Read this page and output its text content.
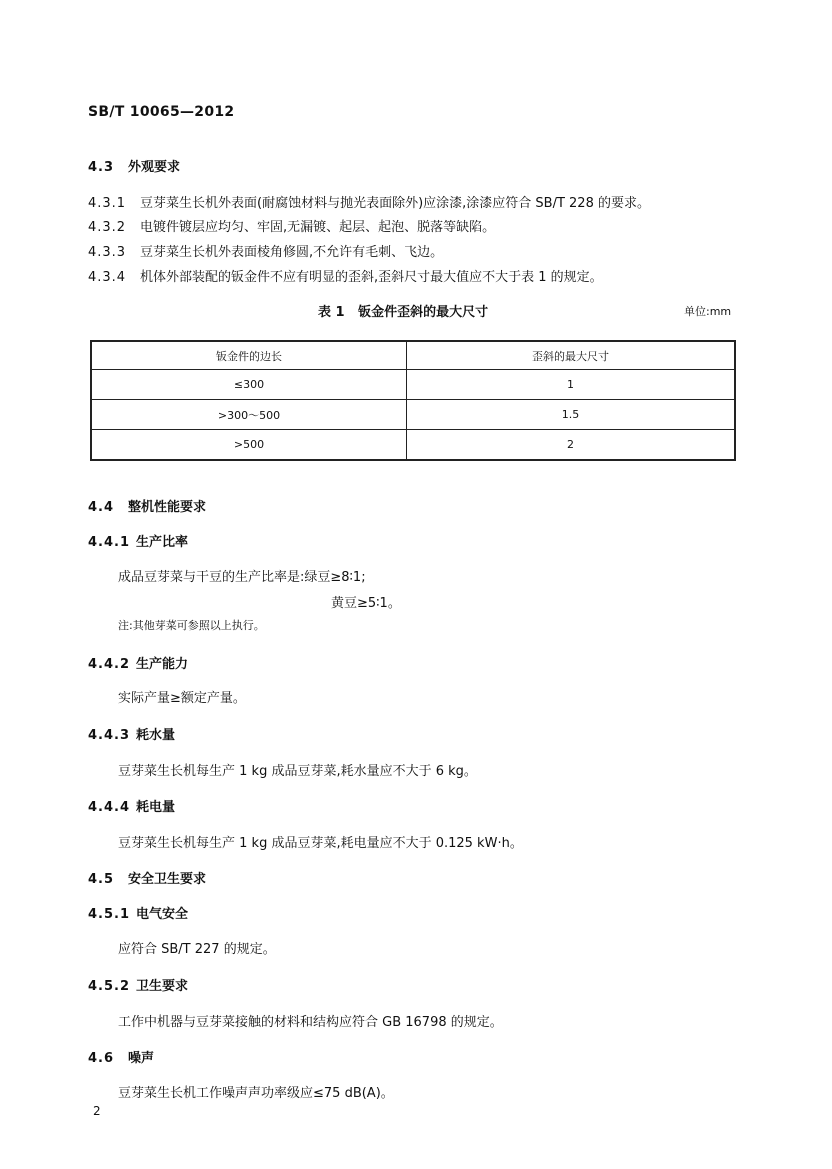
SB/T 10065—2012
4.3 外观要求
4.3.1 豆芽菜生长机外表面(耐腐蚀材料与抛光表面除外)应涂漆,涂漆应符合 SB/T 228 的要求。
4.3.2 电镀件镀层应均匀、牢固,无漏镀、起层、起泡、脱落等缺陷。
4.3.3 豆芽菜生长机外表面棱角修圆,不允许有毛刺、飞边。
4.3.4 机体外部装配的钣金件不应有明显的歪斜,歪斜尺寸最大值应不大于表 1 的规定。
表 1   钣金件歪斜的最大尺寸	单位:mm
钣金件的边长	歪斜的最大尺寸
≤300	1
>300～500	1.5
>500	2
4.4 整机性能要求
4.4.1 生产比率
成品豆芽菜与干豆的生产比率是:绿豆≥8∶1;
黄豆≥5∶1。
注:其他芽菜可参照以上执行。
4.4.2 生产能力
实际产量≥额定产量。
4.4.3 耗水量
豆芽菜生长机每生产 1 kg 成品豆芽菜,耗水量应不大于 6 kg。
4.4.4 耗电量
豆芽菜生长机每生产 1 kg 成品豆芽菜,耗电量应不大于 0.125 kW·h。
4.5 安全卫生要求
4.5.1 电气安全
应符合 SB/T 227 的规定。
4.5.2 卫生要求
工作中机器与豆芽菜接触的材料和结构应符合 GB 16798 的规定。
4.6 噪声
豆芽菜生长机工作噪声声功率级应≤75 dB(A)。
2
